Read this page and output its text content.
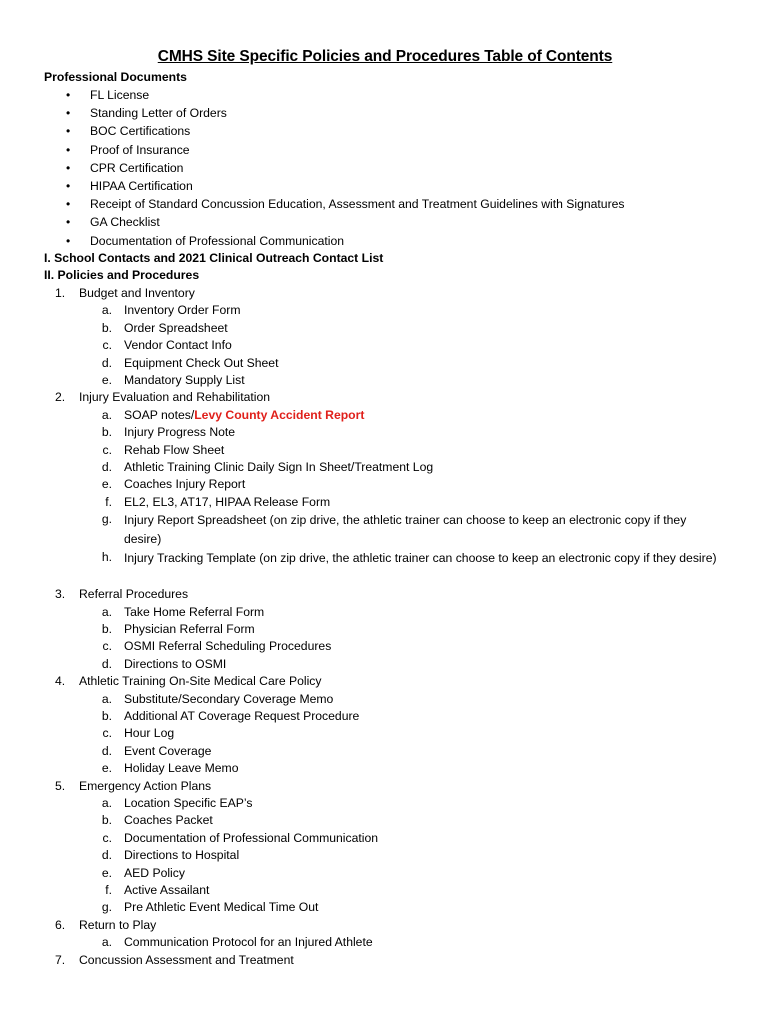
CMHS Site Specific Policies and Procedures Table of Contents
Professional Documents
• FL License
• Standing Letter of Orders
• BOC Certifications
• Proof of Insurance
• CPR Certification
• HIPAA Certification
• Receipt of Standard Concussion Education, Assessment and Treatment Guidelines with Signatures
• GA Checklist
• Documentation of Professional Communication
I. School Contacts and 2021 Clinical Outreach Contact List
II. Policies and Procedures
1. Budget and Inventory
a. Inventory Order Form
b. Order Spreadsheet
c. Vendor Contact Info
d. Equipment Check Out Sheet
e. Mandatory Supply List
2. Injury Evaluation and Rehabilitation
a. SOAP notes/Levy County Accident Report
b. Injury Progress Note
c. Rehab Flow Sheet
d. Athletic Training Clinic Daily Sign In Sheet/Treatment Log
e. Coaches Injury Report
f. EL2, EL3, AT17, HIPAA Release Form
g. Injury Report Spreadsheet (on zip drive, the athletic trainer can choose to keep an electronic copy if they desire)
h. Injury Tracking Template (on zip drive, the athletic trainer can choose to keep an electronic copy if they desire)
3. Referral Procedures
a. Take Home Referral Form
b. Physician Referral Form
c. OSMI Referral Scheduling Procedures
d. Directions to OSMI
4. Athletic Training On-Site Medical Care Policy
a. Substitute/Secondary Coverage Memo
b. Additional AT Coverage Request Procedure
c. Hour Log
d. Event Coverage
e. Holiday Leave Memo
5. Emergency Action Plans
a. Location Specific EAP’s
b. Coaches Packet
c. Documentation of Professional Communication
d. Directions to Hospital
e. AED Policy
f. Active Assailant
g. Pre Athletic Event Medical Time Out
6. Return to Play
a. Communication Protocol for an Injured Athlete
7. Concussion Assessment and Treatment
